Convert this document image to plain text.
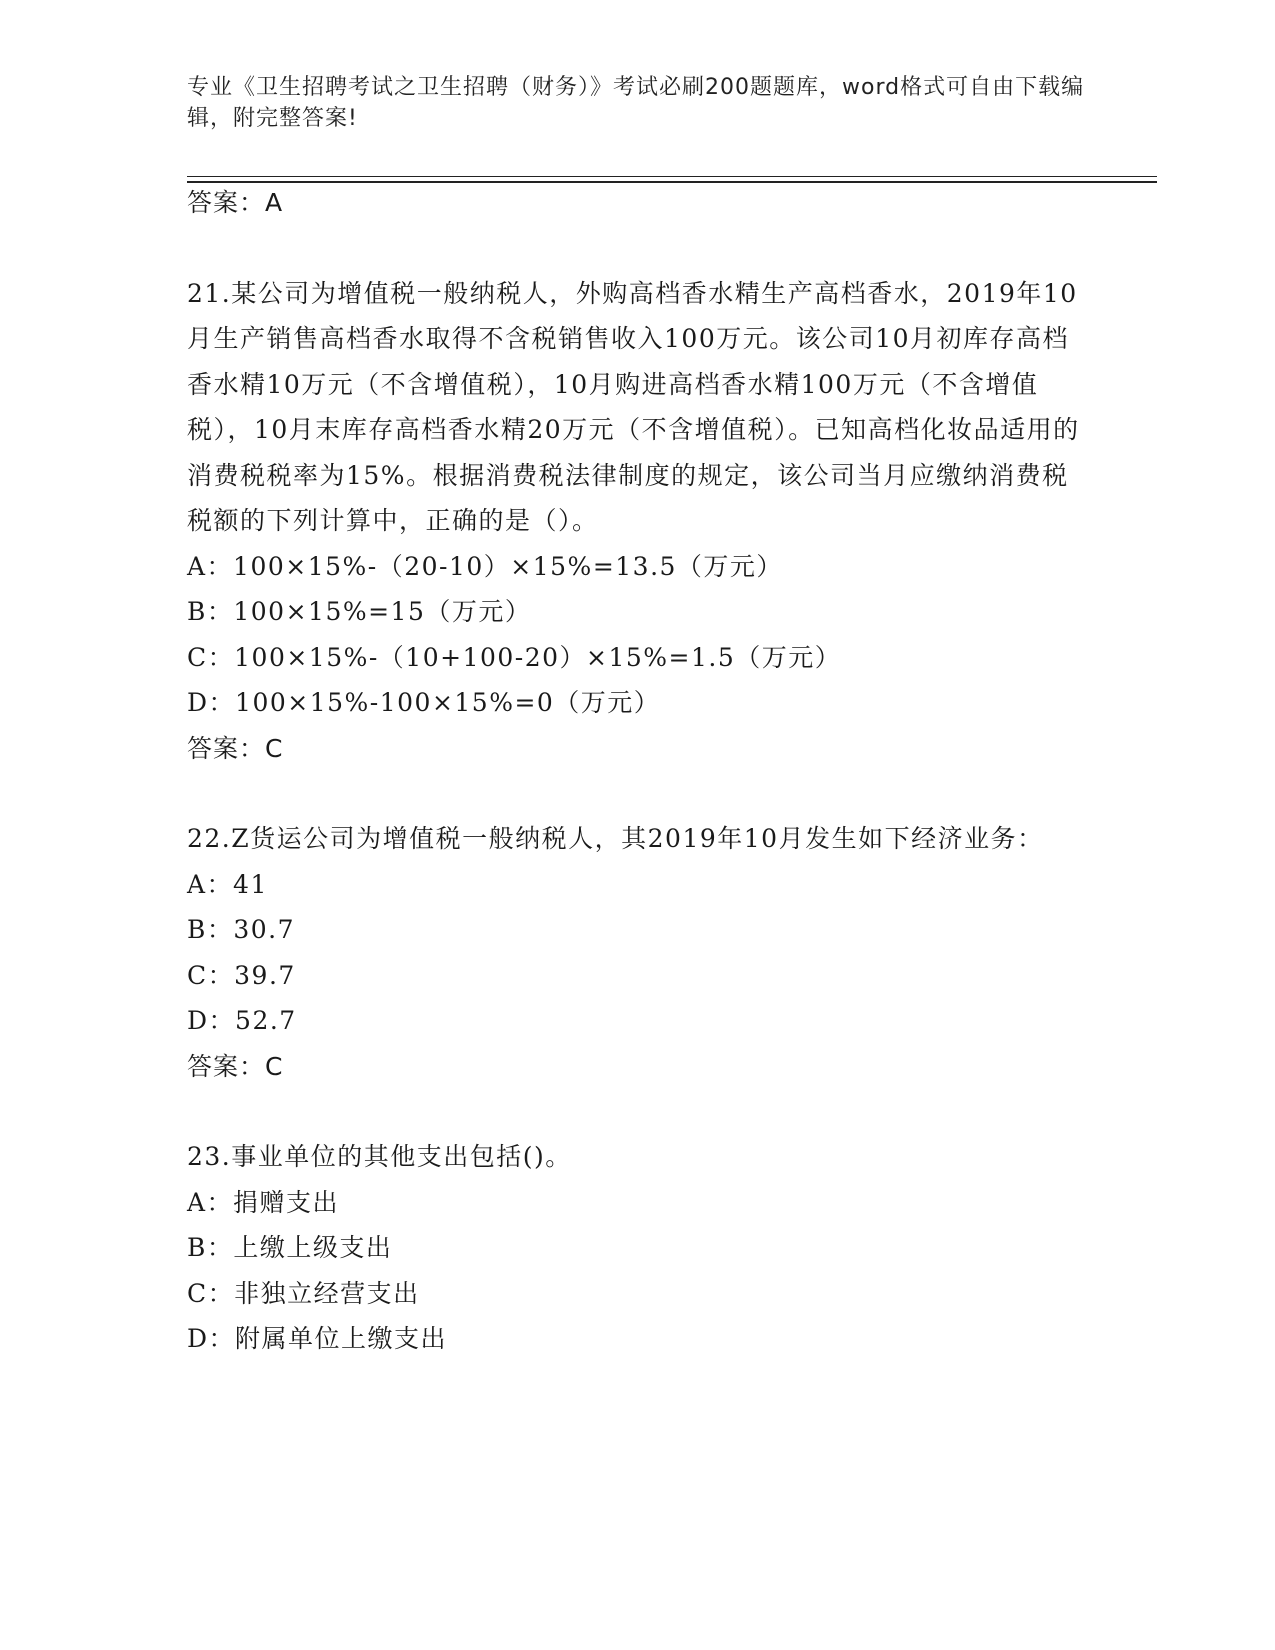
专业《卫生招聘考试之卫生招聘（财务）》考试必刷200题题库，word格式可自由下载编辑，附完整答案!
答案：A
21.某公司为增值税一般纳税人，外购高档香水精生产高档香水，2019年10月生产销售高档香水取得不含税销售收入100万元。该公司10月初库存高档香水精10万元（不含增值税），10月购进高档香水精100万元（不含增值税），10月末库存高档香水精20万元（不含增值税）。已知高档化妆品适用的消费税税率为15%。根据消费税法律制度的规定，该公司当月应缴纳消费税税额的下列计算中，正确的是（）。
A：100×15%-（20-10）×15%=13.5（万元）
B：100×15%=15（万元）
C：100×15%-（10+100-20）×15%=1.5（万元）
D：100×15%-100×15%=0（万元）
答案：C
22.Z货运公司为增值税一般纳税人，其2019年10月发生如下经济业务：
A：41
B：30.7
C：39.7
D：52.7
答案：C
23.事业单位的其他支出包括()。
A：捐赠支出
B：上缴上级支出
C：非独立经营支出
D：附属单位上缴支出
